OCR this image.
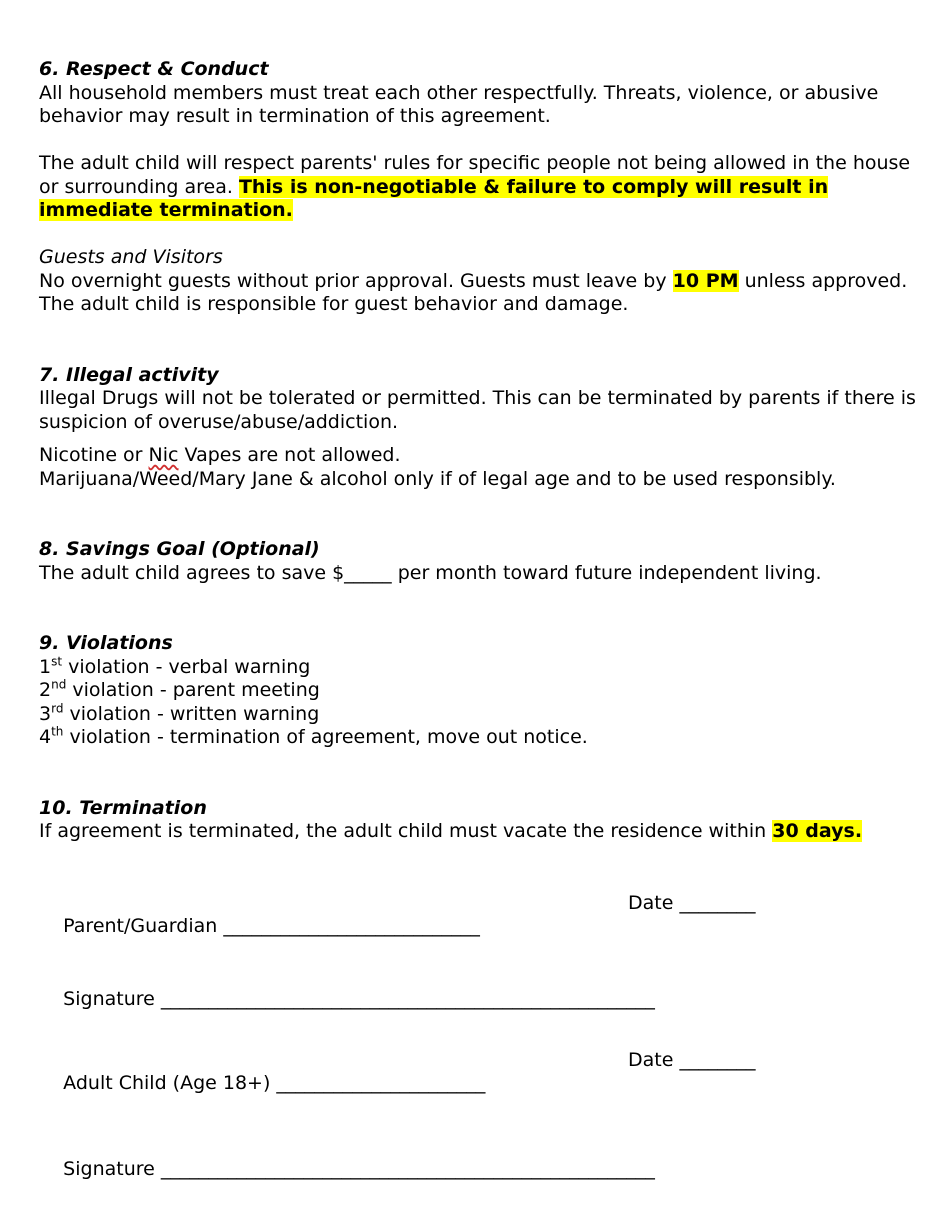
6. Respect & Conduct

All household members must treat each other respectfully. Threats, violence, or abusive behavior may result in termination of this agreement.

The adult child will respect parents' rules for specific people not being allowed in the house or surrounding area. This is non-negotiable & failure to comply will result in immediate termination.

Guests and Visitors

No overnight guests without prior approval. Guests must leave by 10 PM unless approved. The adult child is responsible for guest behavior and damage.

7. Illegal activity

Illegal Drugs will not be tolerated or permitted. This can be terminated by parents if there is suspicion of overuse/abuse/addiction.

Nicotine or Nic Vapes are not allowed.

Marijuana/Weed/Mary Jane & alcohol only if of legal age and to be used responsibly.

8. Savings Goal (Optional)

The adult child agrees to save $_____ per month toward future independent living.

9. Violations

1st violation - verbal warning

2nd violation - parent meeting

3rd violation - written warning

4th violation - termination of agreement, move out notice.

10. Termination

If agreement is terminated, the adult child must vacate the residence within 30 days.

Parent/Guardian ___________________________

Date ________

Signature ____________________________________________________

Adult Child (Age 18+) ______________________

Date ________

Signature ____________________________________________________
